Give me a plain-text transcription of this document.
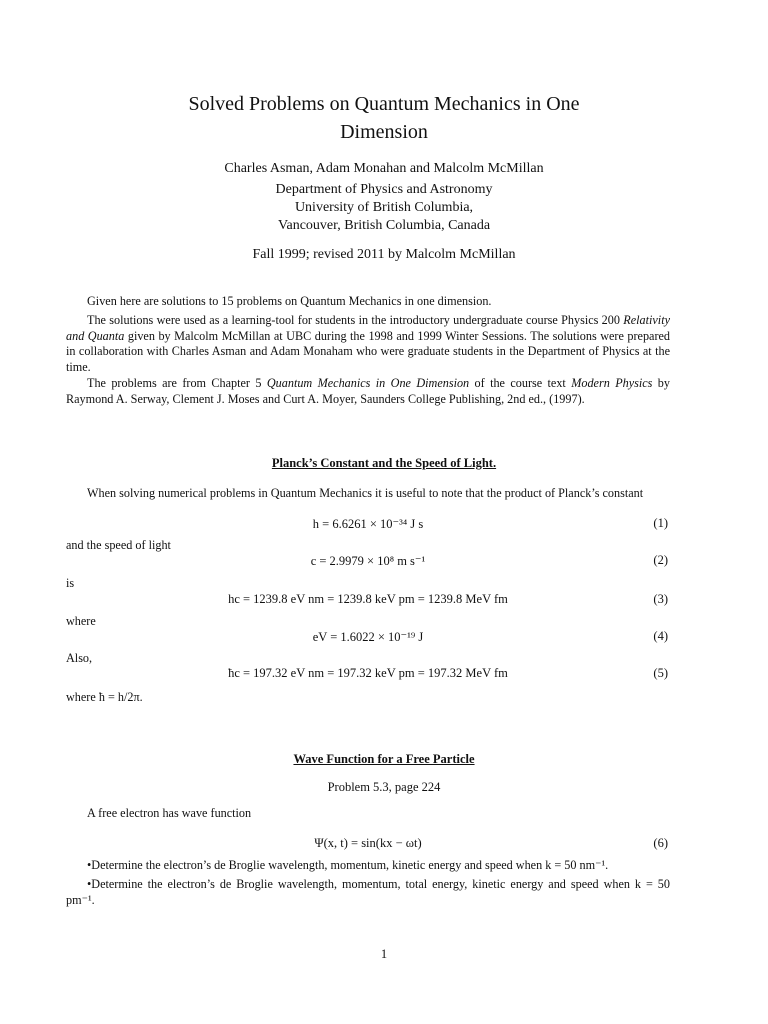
Solved Problems on Quantum Mechanics in One
Dimension
Charles Asman, Adam Monahan and Malcolm McMillan
Department of Physics and Astronomy
University of British Columbia,
Vancouver, British Columbia, Canada
Fall 1999; revised 2011 by Malcolm McMillan
Given here are solutions to 15 problems on Quantum Mechanics in one dimension.
The solutions were used as a learning-tool for students in the introductory undergraduate course Physics 200 Relativity and Quanta given by Malcolm McMillan at UBC during the 1998 and 1999 Winter Sessions. The solutions were prepared in collaboration with Charles Asman and Adam Monaham who were graduate students in the Department of Physics at the time.
The problems are from Chapter 5 Quantum Mechanics in One Dimension of the course text Modern Physics by Raymond A. Serway, Clement J. Moses and Curt A. Moyer, Saunders College Publishing, 2nd ed., (1997).
Planck’s Constant and the Speed of Light.
When solving numerical problems in Quantum Mechanics it is useful to note that the product of Planck’s constant
h = 6.6261 × 10⁻³⁴ J s	(1)
and the speed of light
c = 2.9979 × 10⁸ m s⁻¹	(2)
is
hc = 1239.8 eV nm = 1239.8 keV pm = 1239.8 MeV fm	(3)
where
eV = 1.6022 × 10⁻¹⁹ J	(4)
Also,
ħc = 197.32 eV nm = 197.32 keV pm = 197.32 MeV fm	(5)
where ħ = h/2π.
Wave Function for a Free Particle
Problem 5.3, page 224
A free electron has wave function
Ψ(x, t) = sin(kx − ωt)	(6)
•Determine the electron’s de Broglie wavelength, momentum, kinetic energy and speed when k = 50 nm⁻¹.
•Determine the electron’s de Broglie wavelength, momentum, total energy, kinetic energy and speed when k = 50 pm⁻¹.
1
